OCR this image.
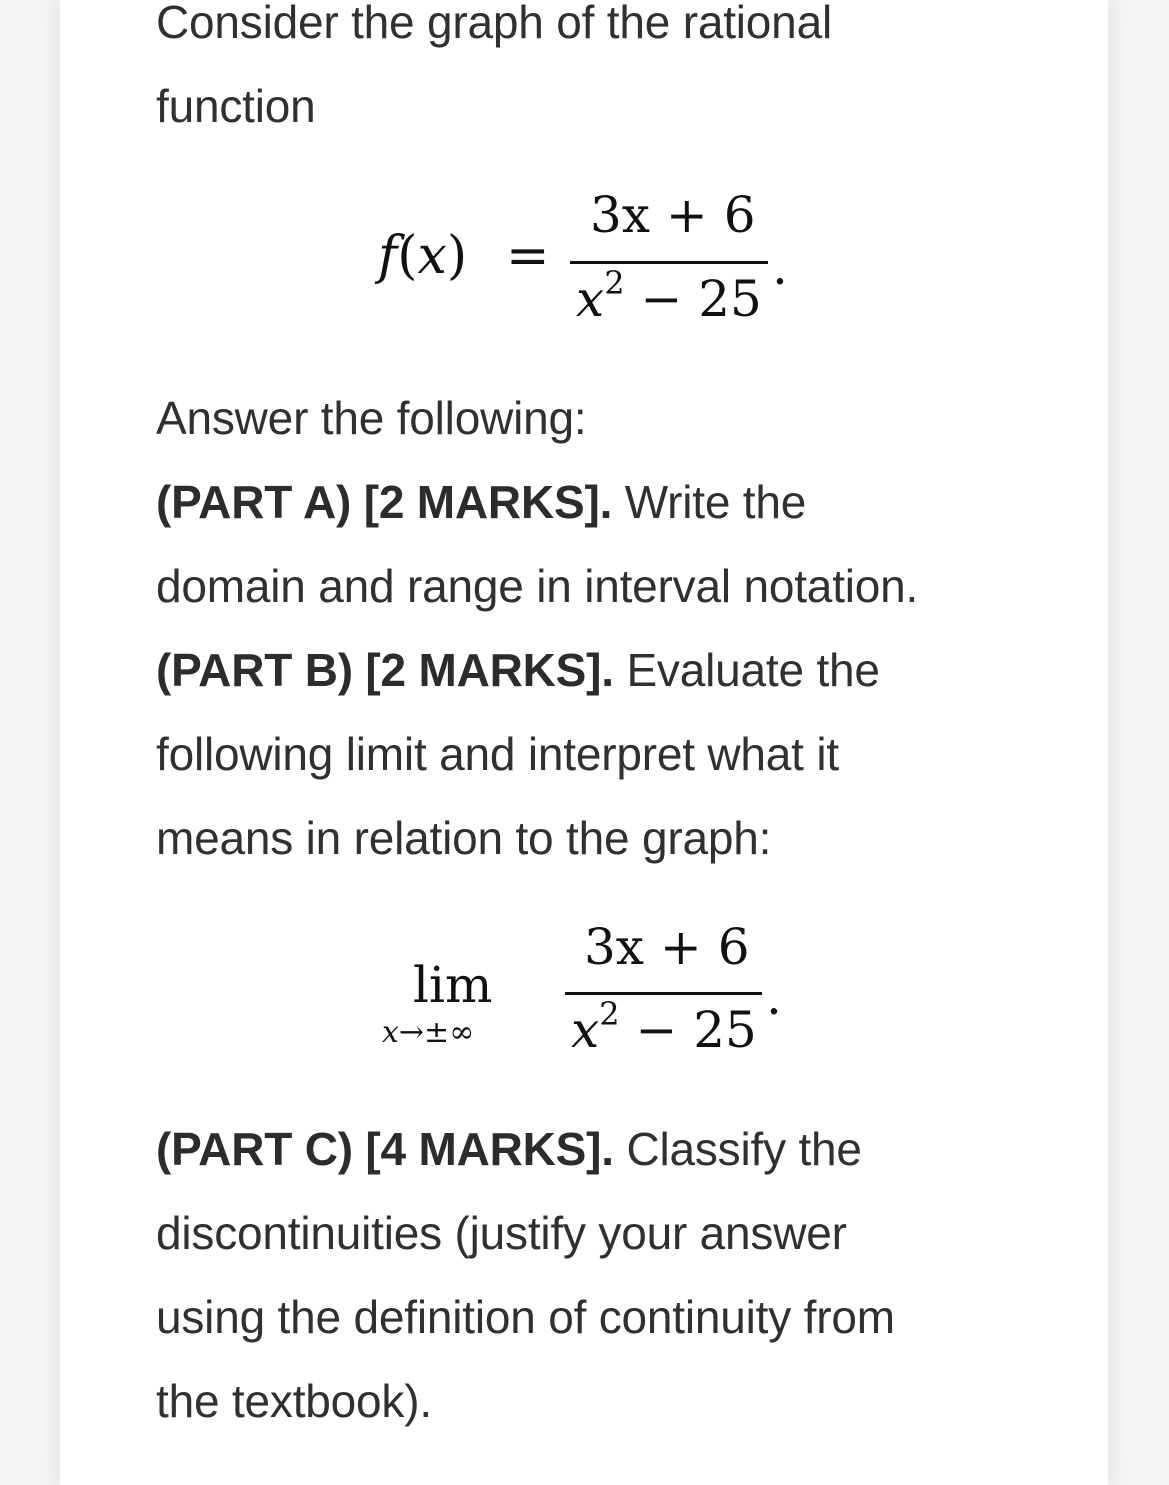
Consider the graph of the rational

function

f(x) =
3x + 6
$x^2 - 25$
.

Answer the following:

(PART A) [2 MARKS]. Write the

domain and range in interval notation.

(PART B) [2 MARKS]. Evaluate the

following limit and interpret what it

means in relation to the graph:

lim
x→±∞
3x + 6
$x^2 - 25$
.

(PART C) [4 MARKS]. Classify the

discontinuities (justify your answer

using the definition of continuity from

the textbook).
